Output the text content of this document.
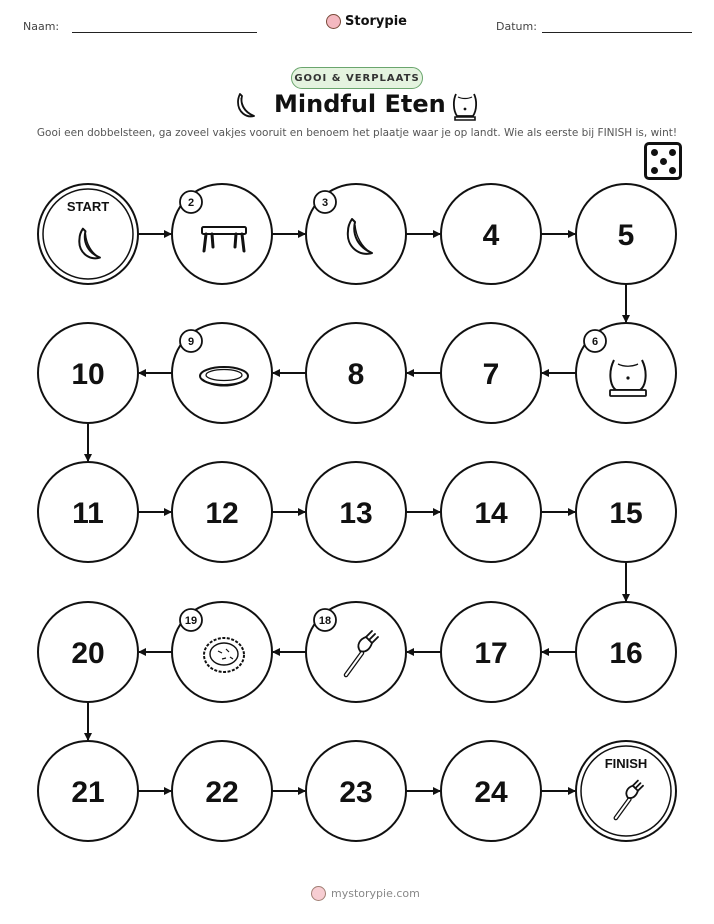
Naam:	Storypie	Datum:
GOOI & VERPLAATS
Mindful Eten
Gooi een dobbelsteen, ga zoveel vakjes vooruit en benoem het plaatje waar je op landt. Wie als eerste bij FINISH is, wint!
START	2	3
4	5
6
7
8
9
10
11	12	13	14	15
16
17
18
19
20
21	22	23	24
FINISH
mystorypie.com
